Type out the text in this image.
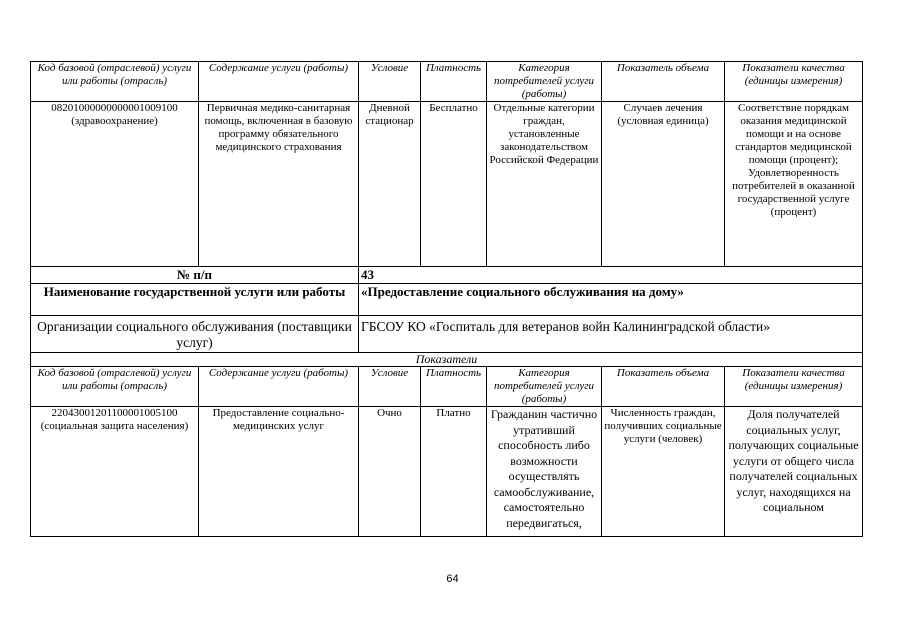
Код базовой (отраслевой) услуги или работы (отрасль)	Содержание услуги (работы)	Условие	Платность	Категория потребителей услуги (работы)	Показатель объема	Показатели качества (единицы измерения)
08201000000000001009100 (здравоохранение)	Первичная медико-санитарная помощь, включенная в базовую программу обязательного медицинского страхования	Дневной стационар	Бесплатно	Отдельные категории граждан, установленные законодательством Российской Федерации	Случаев лечения (условная единица)	Соответствие порядкам оказания медицинской помощи и на основе стандартов медицинской помощи (процент); Удовлетворенность потребителей в оказанной государственной услуге (процент)
№ п/п		43				
Наименование государственной услуги или работы		«Предоставление социального обслуживания на дому»				
Организации социального обслуживания (поставщики услуг)		ГБСОУ КО «Госпиталь для ветеранов войн Калининградской области»				
Показатели						
Код базовой (отраслевой) услуги или работы (отрасль)	Содержание услуги (работы)	Условие	Платность	Категория потребителей услуги (работы)	Показатель объема	Показатели качества (единицы измерения)
22043001201100001005100 (социальная защита населения)	Предоставление социально-медицинских услуг	Очно	Платно	Гражданин частично утративший способность либо возможности осуществлять самообслуживание, самостоятельно передвигаться,	Численность граждан, получивших социальные услуги (человек)	Доля получателей социальных услуг, получающих социальные услуги от общего числа получателей социальных услуг, находящихся на социальном
64
